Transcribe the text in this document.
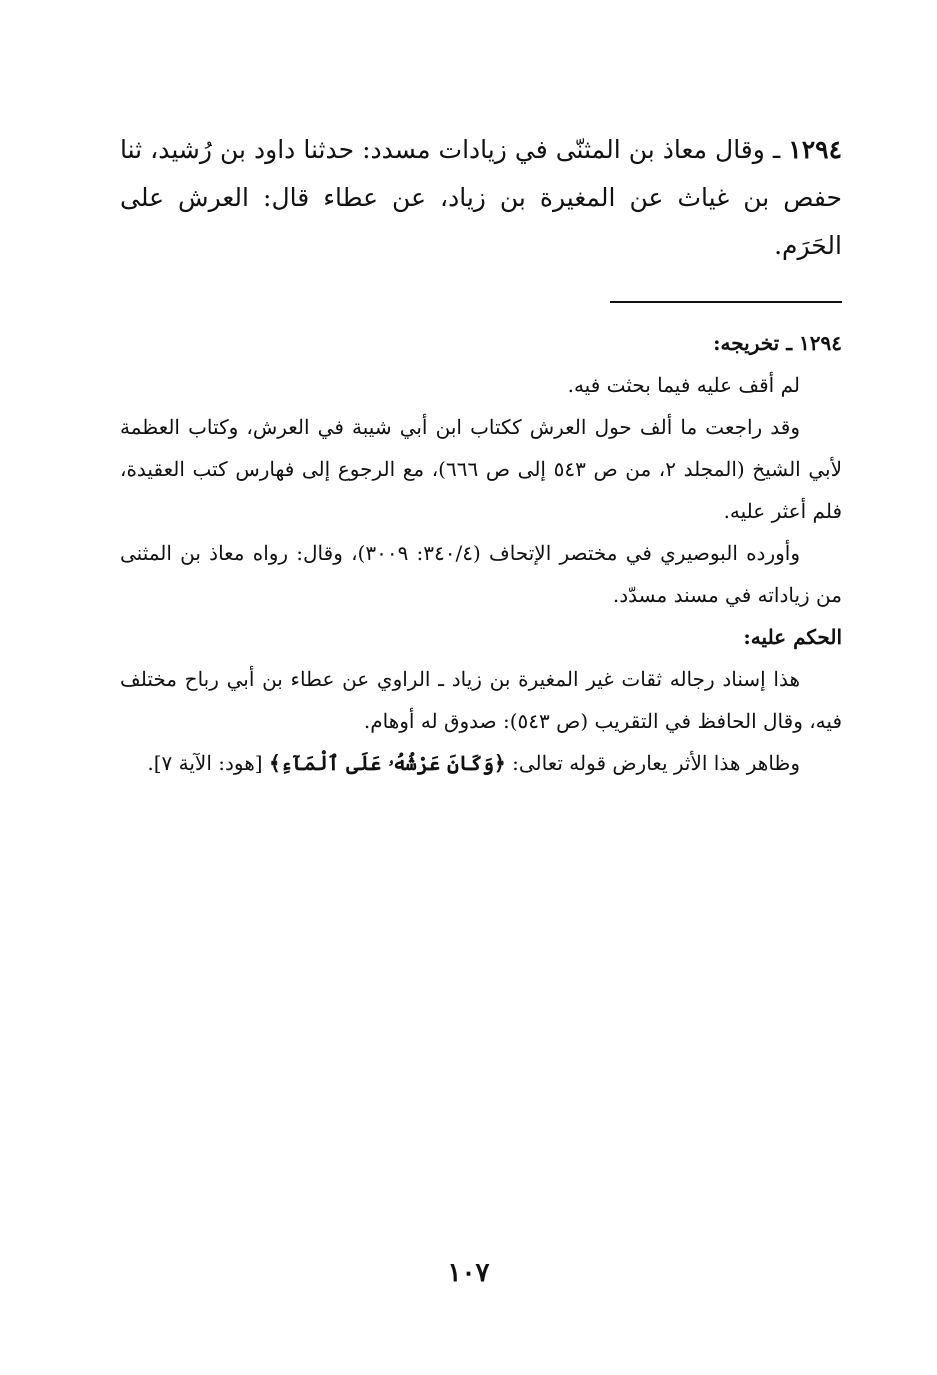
١٢٩٤ ـ وقال معاذ بن المثنّى في زيادات مسدد: حدثنا داود بن رُشيد، ثنا حفص بن غياث عن المغيرة بن زياد، عن عطاء قال: العرش على الحَرَم.

١٢٩٤ ـ تخريجه:

لم أقف عليه فيما بحثت فيه.

وقد راجعت ما ألف حول العرش ككتاب ابن أبي شيبة في العرش، وكتاب العظمة لأبي الشيخ (المجلد ٢، من ص ٥٤٣ إلى ص ٦٦٦)، مع الرجوع إلى فهارس كتب العقيدة، فلم أعثر عليه.

وأورده البوصيري في مختصر الإتحاف (٣٤٠/٤: ٣٠٠٩)، وقال: رواه معاذ بن المثنى من زياداته في مسند مسدّد.

الحكم عليه:

هذا إسناد رجاله ثقات غير المغيرة بن زياد ـ الراوي عن عطاء بن أبي رباح مختلف فيه، وقال الحافظ في التقريب (ص ٥٤٣): صدوق له أوهام.

وظاهر هذا الأثر يعارض قوله تعالى: ﴿وَكَانَ عَرْشُهُۥ عَلَى ٱلْمَآءِ﴾ [هود: الآية ٧].

١٠٧
